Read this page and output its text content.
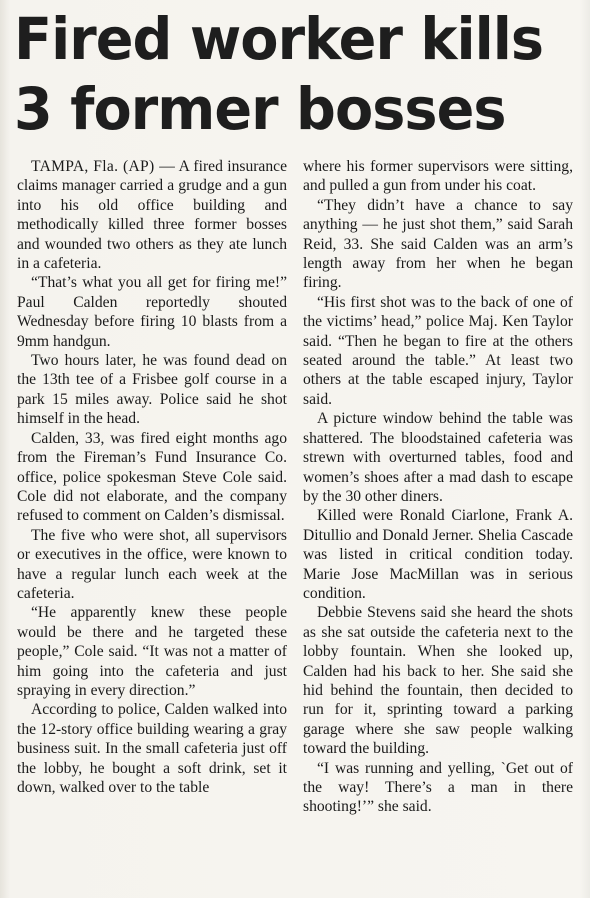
Fired worker kills
3 former bosses

TAMPA, Fla. (AP) — A fired insurance claims manager carried a grudge and a gun into his old office building and methodically killed three former bosses and wounded two others as they ate lunch in a cafeteria.

“That’s what you all get for firing me!” Paul Calden reportedly shouted Wednesday before firing 10 blasts from a 9mm handgun.

Two hours later, he was found dead on the 13th tee of a Frisbee golf course in a park 15 miles away. Police said he shot himself in the head.

Calden, 33, was fired eight months ago from the Fireman’s Fund Insurance Co. office, police spokesman Steve Cole said. Cole did not elaborate, and the company refused to comment on Calden’s dismissal.

The five who were shot, all supervisors or executives in the office, were known to have a regular lunch each week at the cafeteria.

“He apparently knew these people would be there and he targeted these people,” Cole said. “It was not a matter of him going into the cafeteria and just spraying in every direction.”

According to police, Calden walked into the 12-story office building wearing a gray business suit. In the small cafeteria just off the lobby, he bought a soft drink, set it down, walked over to the table

where his former supervisors were sitting, and pulled a gun from under his coat.

“They didn’t have a chance to say anything — he just shot them,” said Sarah Reid, 33. She said Calden was an arm’s length away from her when he began firing.

“His first shot was to the back of one of the victims’ head,” police Maj. Ken Taylor said. “Then he began to fire at the others seated around the table.” At least two others at the table escaped injury, Taylor said.

A picture window behind the table was shattered. The bloodstained cafeteria was strewn with overturned tables, food and women’s shoes after a mad dash to escape by the 30 other diners.

Killed were Ronald Ciarlone, Frank A. Ditullio and Donald Jerner. Shelia Cascade was listed in critical condition today. Marie Jose MacMillan was in serious condition.

Debbie Stevens said she heard the shots as she sat outside the cafeteria next to the lobby fountain. When she looked up, Calden had his back to her. She said she hid behind the fountain, then decided to run for it, sprinting toward a parking garage where she saw people walking toward the building.

“I was running and yelling, `Get out of the way! There’s a man in there shooting!’” she said.
